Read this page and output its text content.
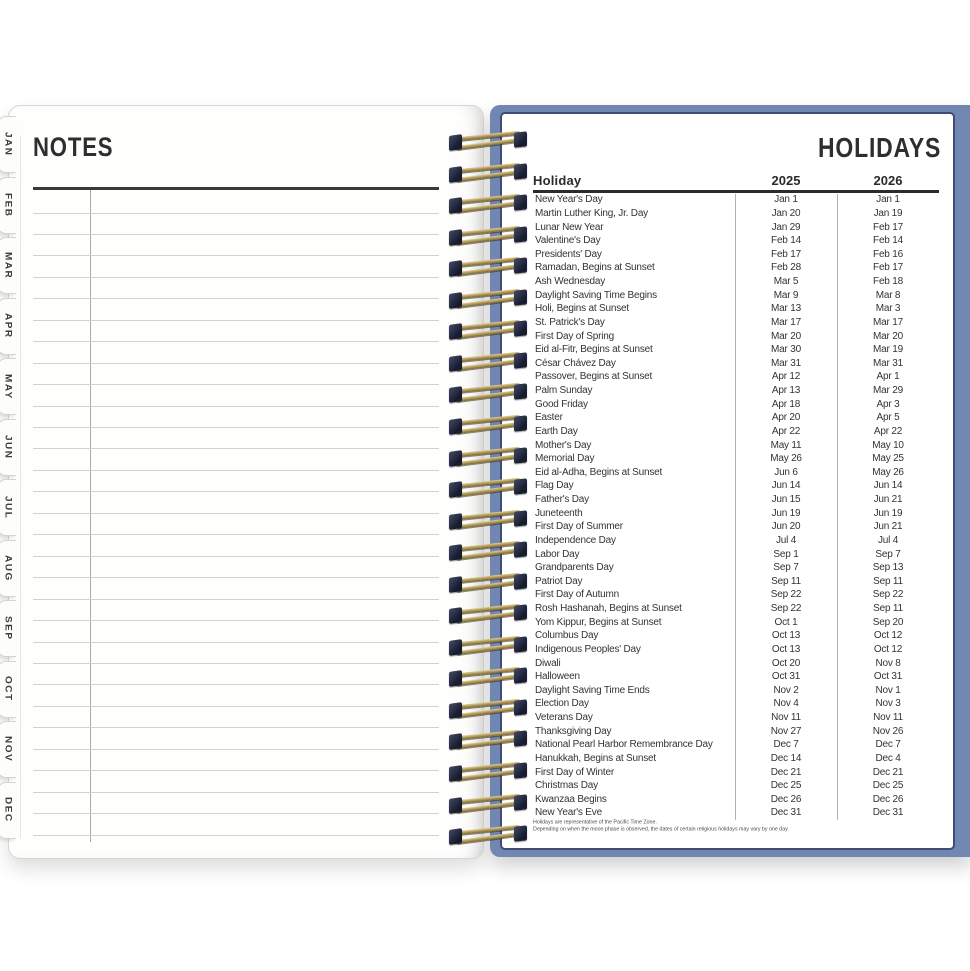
JAN
FEB
MAR
APR
MAY
JUN
JUL
AUG
SEP
OCT
NOV
DEC
NOTES	HOLIDAYS
Holiday	2025	2026
New Year's Day	Jan 1	Jan 1
Martin Luther King, Jr. Day	Jan 20	Jan 19
Lunar New Year	Jan 29	Feb 17
Valentine's Day	Feb 14	Feb 14
Presidents' Day	Feb 17	Feb 16
Ramadan, Begins at Sunset	Feb 28	Feb 17
Ash Wednesday	Mar 5	Feb 18
Daylight Saving Time Begins	Mar 9	Mar 8
Holi, Begins at Sunset	Mar 13	Mar 3
St. Patrick's Day	Mar 17	Mar 17
First Day of Spring	Mar 20	Mar 20
Eid al-Fitr, Begins at Sunset	Mar 30	Mar 19
César Chávez Day	Mar 31	Mar 31
Passover, Begins at Sunset	Apr 12	Apr 1
Palm Sunday	Apr 13	Mar 29
Good Friday	Apr 18	Apr 3
Easter	Apr 20	Apr 5
Earth Day	Apr 22	Apr 22
Mother's Day	May 11	May 10
Memorial Day	May 26	May 25
Eid al-Adha, Begins at Sunset	Jun 6	May 26
Flag Day	Jun 14	Jun 14
Father's Day	Jun 15	Jun 21
Juneteenth	Jun 19	Jun 19
First Day of Summer	Jun 20	Jun 21
Independence Day	Jul 4	Jul 4
Labor Day	Sep 1	Sep 7
Grandparents Day	Sep 7	Sep 13
Patriot Day	Sep 11	Sep 11
First Day of Autumn	Sep 22	Sep 22
Rosh Hashanah, Begins at Sunset	Sep 22	Sep 11
Yom Kippur, Begins at Sunset	Oct 1	Sep 20
Columbus Day	Oct 13	Oct 12
Indigenous Peoples' Day	Oct 13	Oct 12
Diwali	Oct 20	Nov 8
Halloween	Oct 31	Oct 31
Daylight Saving Time Ends	Nov 2	Nov 1
Election Day	Nov 4	Nov 3
Veterans Day	Nov 11	Nov 11
Thanksgiving Day	Nov 27	Nov 26
National Pearl Harbor Remembrance Day	Dec 7	Dec 7
Hanukkah, Begins at Sunset	Dec 14	Dec 4
First Day of Winter	Dec 21	Dec 21
Christmas Day	Dec 25	Dec 25
Kwanzaa Begins	Dec 26	Dec 26
New Year's Eve	Dec 31	Dec 31
Holidays are representative of the Pacific Time Zone.
Depending on when the moon phase is observed, the dates of certain religious holidays may vary by one day.
